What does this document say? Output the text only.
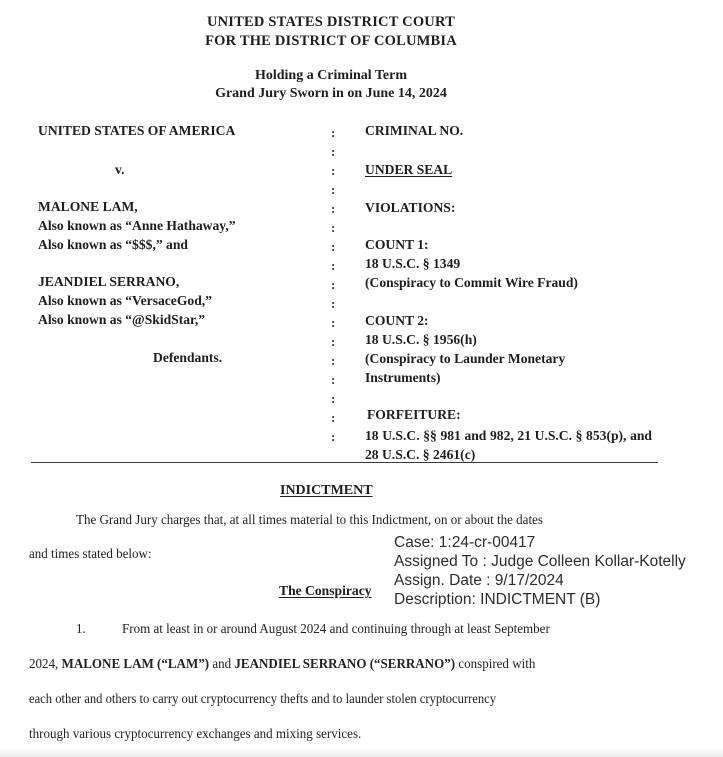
UNITED STATES DISTRICT COURT
FOR THE DISTRICT OF COLUMBIA
Holding a Criminal Term
Grand Jury Sworn in on June 14, 2024
UNITED STATES OF AMERICA
v.
MALONE LAM,
Also known as “Anne Hathaway,”
Also known as “$$$,” and
JEANDIEL SERRANO,
Also known as “VersaceGod,”
Also known as “@SkidStar,”
Defendants.
:
:
:
:
:
:
:
:
:
:
:
:
:
:
:
:
:
CRIMINAL NO.
UNDER SEAL
VIOLATIONS:
COUNT 1:
18 U.S.C. § 1349
(Conspiracy to Commit Wire Fraud)
COUNT 2:
18 U.S.C. § 1956(h)
(Conspiracy to Launder Monetary
Instruments)
FORFEITURE:
18 U.S.C. §§ 981 and 982, 21 U.S.C. § 853(p), and 28 U.S.C. § 2461(c)
INDICTMENT
The Grand Jury charges that, at all times material to this Indictment, on or about the dates
and times stated below:
The Conspiracy
Case: 1:24-cr-00417
Assigned To : Judge Colleen Kollar-Kotelly
Assign. Date : 9/17/2024
Description: INDICTMENT (B)
1.	From at least in or around August 2024 and continuing through at least September
2024, MALONE LAM (“LAM”) and JEANDIEL SERRANO (“SERRANO”) conspired with
each other and others to carry out cryptocurrency thefts and to launder stolen cryptocurrency
through various cryptocurrency exchanges and mixing services.
